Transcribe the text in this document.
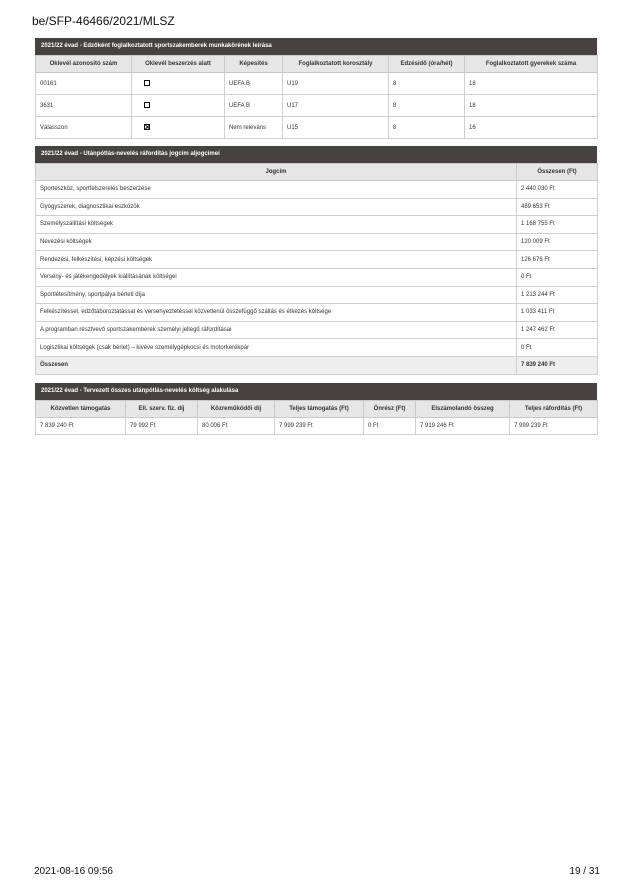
be/SFP-46466/2021/MLSZ
2021/22 évad - Edzőként foglalkoztatott sportszakemberek munkakörének leírása
Oklevél azonosító szám	Oklevél beszerzés alatt	Képesítés	Foglalkoztatott korosztály	Edzésidő (óra/hét)	Foglalkoztatott gyerekek száma
00161		UEFA B	U19	8	18
3631		UEFA B	U17	8	18
Válasszon		Nem releváns	U15	8	16
2021/22 évad - Utánpótlás-nevelés ráfordítás jogcím aljogcímei
Jogcím	Összesen (Ft)
Sporteszköz, sportfelszerelés beszerzése	2 440 030 Ft
Gyógyszerek, diagnosztikai eszközök	489 653 Ft
Személyszállítási költségek	1 168 755 Ft
Nevezési költségek	120 009 Ft
Rendezési, felkészítési, képzési költségek	126 676 Ft
Verseny- és játékengedélyek kiállításának költségei	0 Ft
Sportlétesítmény, sportpálya bérleti díja	1 213 244 Ft
Felkészítéssel, edzőtáboroztatással és versenyeztetéssel közvetlenül összefüggő szállás és étkezés költsége	1 033 411 Ft
A programban résztvevő sportszakemberek személyi jellegű ráfordításai	1 247 462 Ft
Logisztikai költségek (csak bérlet) – kivéve személygépkocsi és motorkerékpár	0 Ft
Összesen	7 839 240 Ft
2021/22 évad - Tervezett összes utánpótlás-nevelés költség alakulása
Közvetlen támogatás	Ell. szerv. fiz. díj	Közreműködői díj	Teljes támogatás (Ft)	Önrész (Ft)	Elszámolandó összeg	Teljes ráfordítás (Ft)
7 839 240 Ft	79 992 Ft	80 006 Ft	7 999 239 Ft	0 Ft	7 919 246 Ft	7 999 239 Ft
2021-08-16 09:56	19 / 31
